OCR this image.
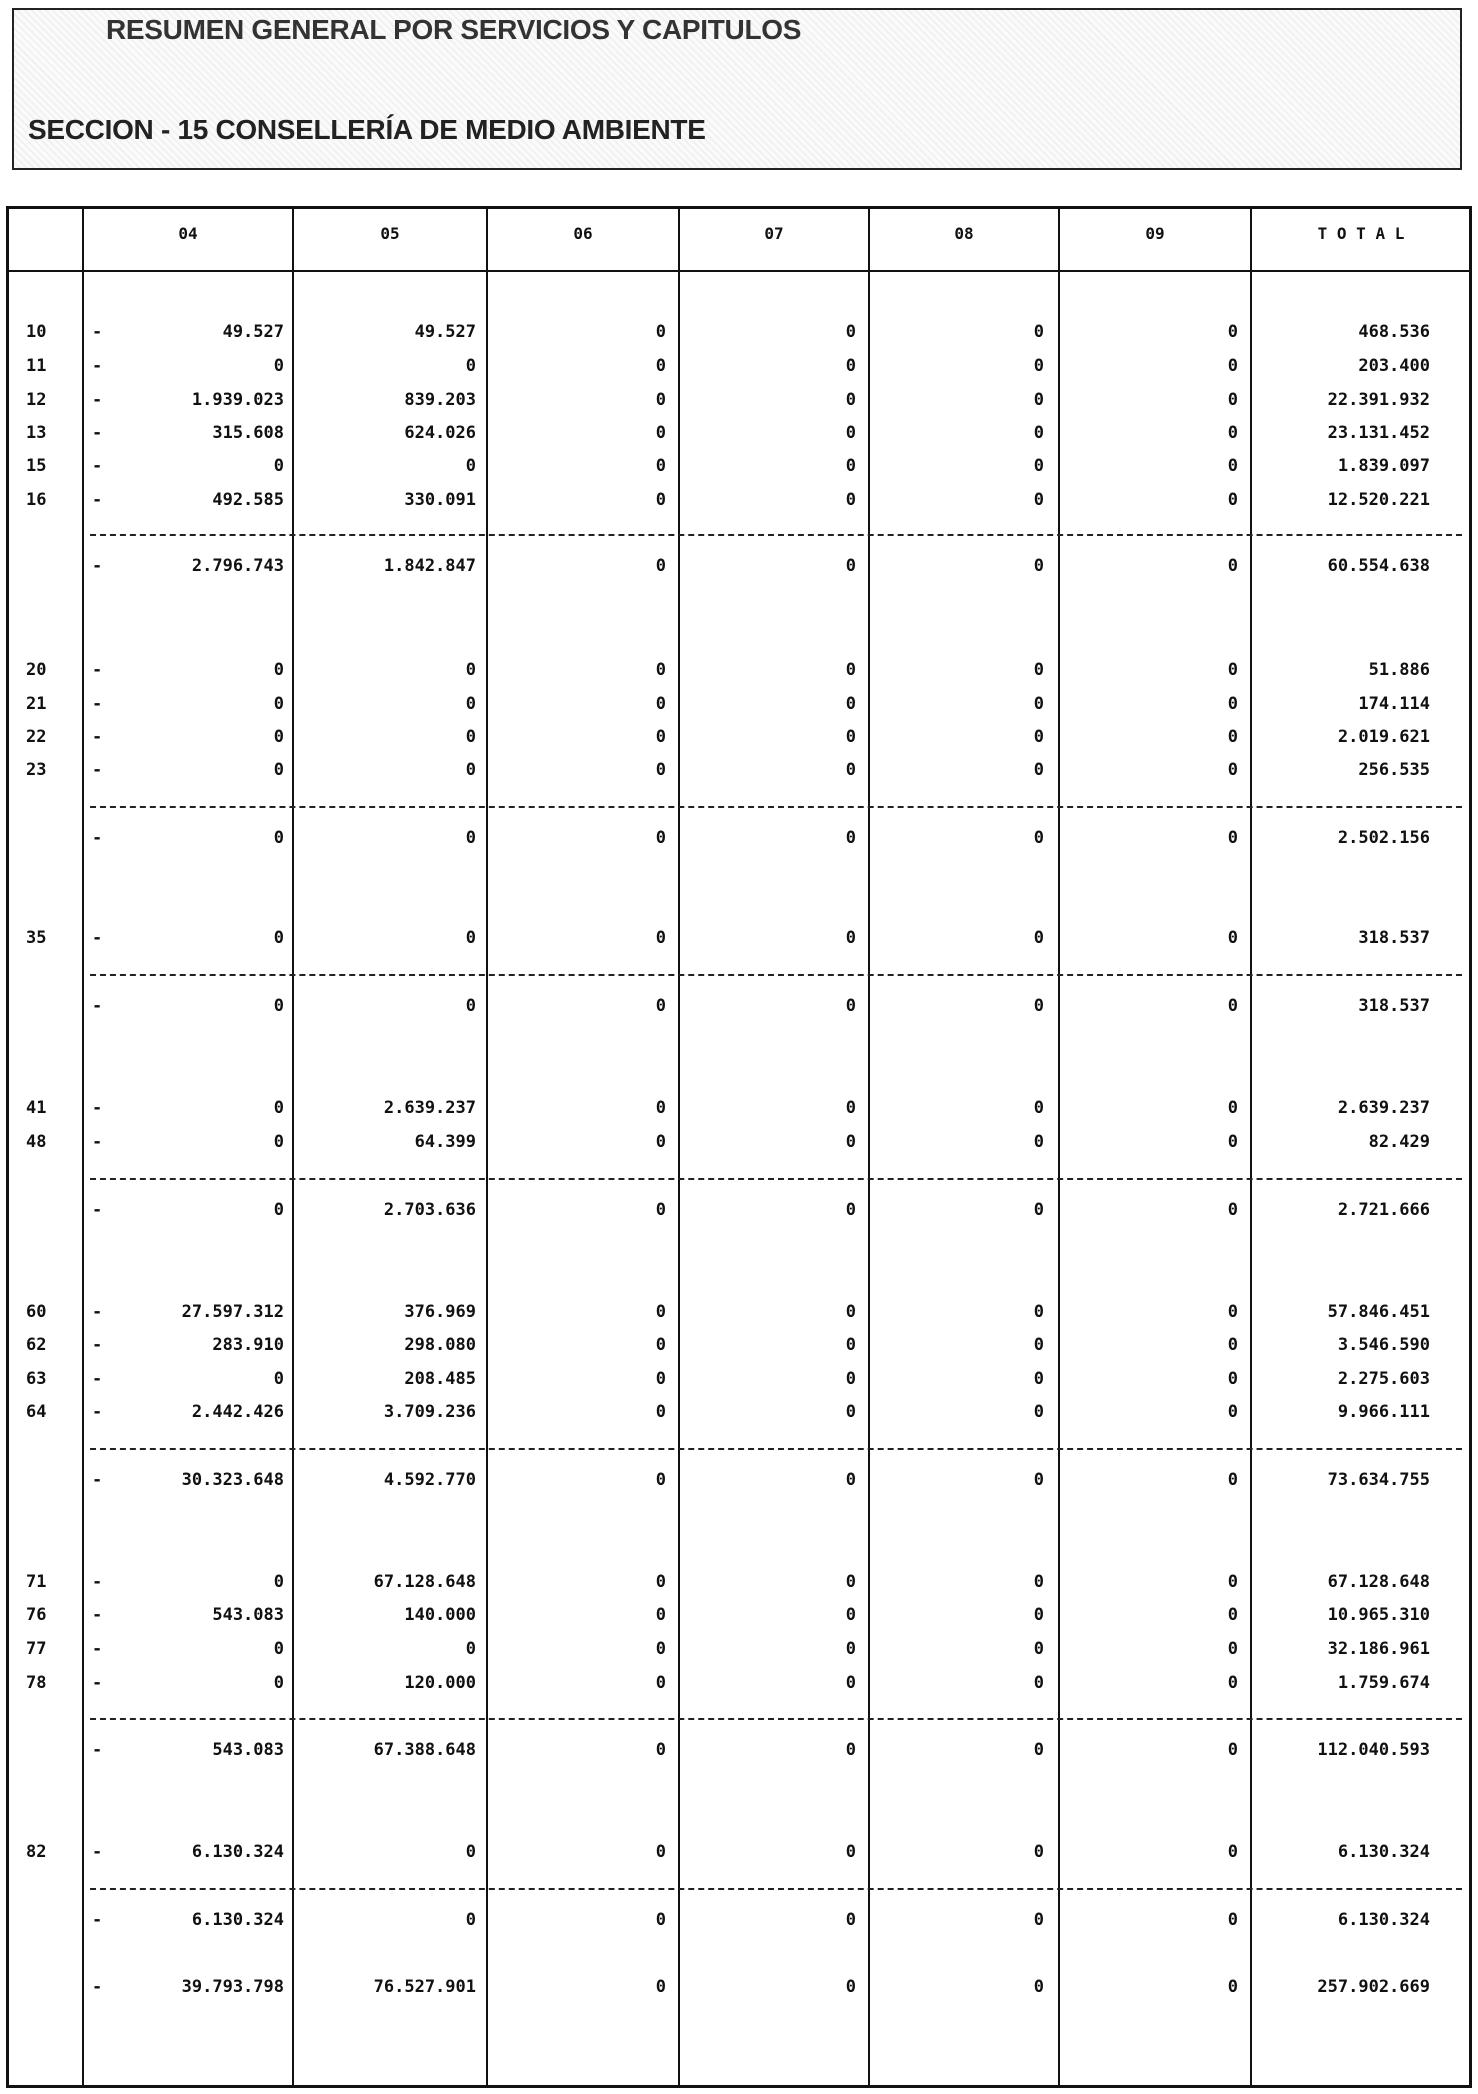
RESUMEN GENERAL POR SERVICIOS Y CAPITULOS
SECCION - 15 CONSELLERÍA DE MEDIO AMBIENTE
04	05	06	07	08	09	T O T A L
10	-	49.527	49.527	0	0	0	0	468.536
11	-	0	0	0	0	0	0	203.400
12	-	1.939.023	839.203	0	0	0	0	22.391.932
13	-	315.608	624.026	0	0	0	0	23.131.452
15	-	0	0	0	0	0	0	1.839.097
16	-	492.585	330.091	0	0	0	0	12.520.221
-	2.796.743	1.842.847	0	0	0	0	60.554.638
20	-	0	0	0	0	0	0	51.886
21	-	0	0	0	0	0	0	174.114
22	-	0	0	0	0	0	0	2.019.621
23	-	0	0	0	0	0	0	256.535
-	0	0	0	0	0	0	2.502.156
35	-	0	0	0	0	0	0	318.537
-	0	0	0	0	0	0	318.537
41	-	0	2.639.237	0	0	0	0	2.639.237
48	-	0	64.399	0	0	0	0	82.429
-	0	2.703.636	0	0	0	0	2.721.666
60	-	27.597.312	376.969	0	0	0	0	57.846.451
62	-	283.910	298.080	0	0	0	0	3.546.590
63	-	0	208.485	0	0	0	0	2.275.603
64	-	2.442.426	3.709.236	0	0	0	0	9.966.111
-	30.323.648	4.592.770	0	0	0	0	73.634.755
71	-	0	67.128.648	0	0	0	0	67.128.648
76	-	543.083	140.000	0	0	0	0	10.965.310
77	-	0	0	0	0	0	0	32.186.961
78	-	0	120.000	0	0	0	0	1.759.674
-	543.083	67.388.648	0	0	0	0	112.040.593
82	-	6.130.324	0	0	0	0	0	6.130.324
-	6.130.324	0	0	0	0	0	6.130.324
-	39.793.798	76.527.901	0	0	0	0	257.902.669
